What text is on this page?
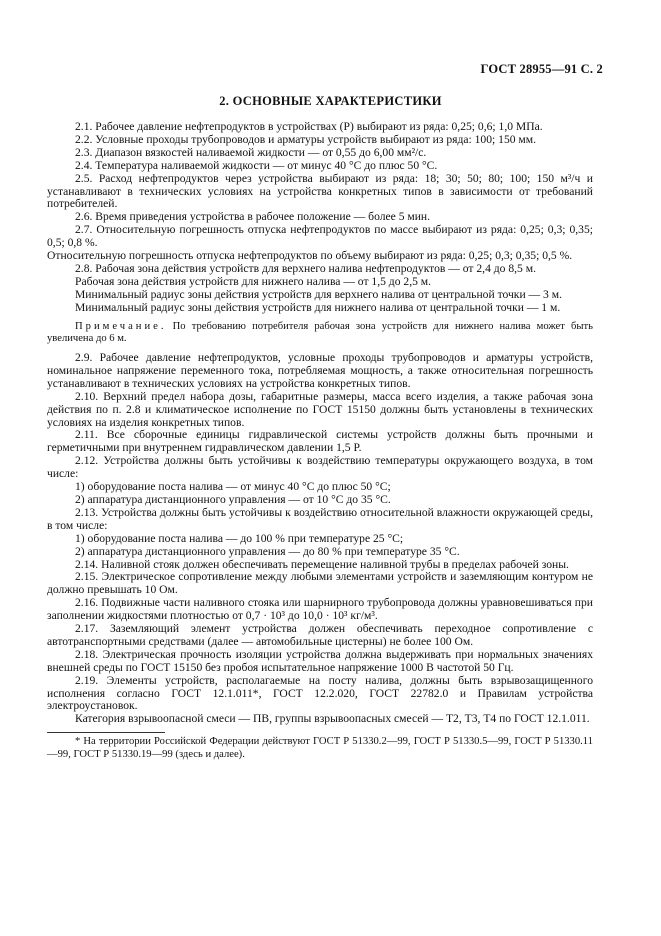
ГОСТ 28955—91 С. 2
2. ОСНОВНЫЕ ХАРАКТЕРИСТИКИ

2.1. Рабочее давление нефтепродуктов в устройствах (P) выбирают из ряда: 0,25; 0,6; 1,0 МПа.

2.2. Условные проходы трубопроводов и арматуры устройств выбирают из ряда: 100; 150 мм.

2.3. Диапазон вязкостей наливаемой жидкости — от 0,55 до 6,00 мм²/с.

2.4. Температура наливаемой жидкости — от минус 40 °С до плюс 50 °С.

2.5. Расход нефтепродуктов через устройства выбирают из ряда: 18; 30; 50; 80; 100; 150 м³/ч и устанавливают в технических условиях на устройства конкретных типов в зависимости от требований потребителей.

2.6. Время приведения устройства в рабочее положение — более 5 мин.

2.7. Относительную погрешность отпуска нефтепродуктов по массе выбирают из ряда: 0,25; 0,3; 0,35; 0,5; 0,8 %.

Относительную погрешность отпуска нефтепродуктов по объему выбирают из ряда: 0,25; 0,3; 0,35; 0,5 %.

2.8. Рабочая зона действия устройств для верхнего налива нефтепродуктов — от 2,4 до 8,5 м.

Рабочая зона действия устройств для нижнего налива — от 1,5 до 2,5 м.

Минимальный радиус зоны действия устройств для верхнего налива от центральной точки — 3 м.

Минимальный радиус зоны действия устройств для нижнего налива от центральной точки — 1 м.

Примечание. По требованию потребителя рабочая зона устройств для нижнего налива может быть увеличена до 6 м.

2.9. Рабочее давление нефтепродуктов, условные проходы трубопроводов и арматуры устройств, номинальное напряжение переменного тока, потребляемая мощность, а также относительная погрешность устанавливают в технических условиях на устройства конкретных типов.

2.10. Верхний предел набора дозы, габаритные размеры, масса всего изделия, а также рабочая зона действия по п. 2.8 и климатическое исполнение по ГОСТ 15150 должны быть установлены в технических условиях на изделия конкретных типов.

2.11. Все сборочные единицы гидравлической системы устройств должны быть прочными и герметичными при внутреннем гидравлическом давлении 1,5 P.

2.12. Устройства должны быть устойчивы к воздействию температуры окружающего воздуха, в том числе:

1) оборудование поста налива — от минус 40 °С до плюс 50 °С;

2) аппаратура дистанционного управления — от 10 °С до 35 °С.

2.13. Устройства должны быть устойчивы к воздействию относительной влажности окружающей среды, в том числе:

1) оборудование поста налива — до 100 % при температуре 25 °С;

2) аппаратура дистанционного управления — до 80 % при температуре 35 °С.

2.14. Наливной стояк должен обеспечивать перемещение наливной трубы в пределах рабочей зоны.

2.15. Электрическое сопротивление между любыми элементами устройств и заземляющим контуром не должно превышать 10 Ом.

2.16. Подвижные части наливного стояка или шарнирного трубопровода должны уравновешиваться при заполнении жидкостями плотностью от 0,7 · 10³ до 10,0 · 10³ кг/м³.

2.17. Заземляющий элемент устройства должен обеспечивать переходное сопротивление с автотранспортными средствами (далее — автомобильные цистерны) не более 100 Ом.

2.18. Электрическая прочность изоляции устройства должна выдерживать при нормальных значениях внешней среды по ГОСТ 15150 без пробоя испытательное напряжение 1000 В частотой 50 Гц.

2.19. Элементы устройств, располагаемые на посту налива, должны быть взрывозащищенного исполнения согласно ГОСТ 12.1.011*, ГОСТ 12.2.020, ГОСТ 22782.0 и Правилам устройства электроустановок.

Категория взрывоопасной смеси — ПВ, группы взрывоопасных смесей — Т2, Т3, Т4 по ГОСТ 12.1.011.

* На территории Российской Федерации действуют ГОСТ Р 51330.2—99, ГОСТ Р 51330.5—99, ГОСТ Р 51330.11—99, ГОСТ Р 51330.19—99 (здесь и далее).
